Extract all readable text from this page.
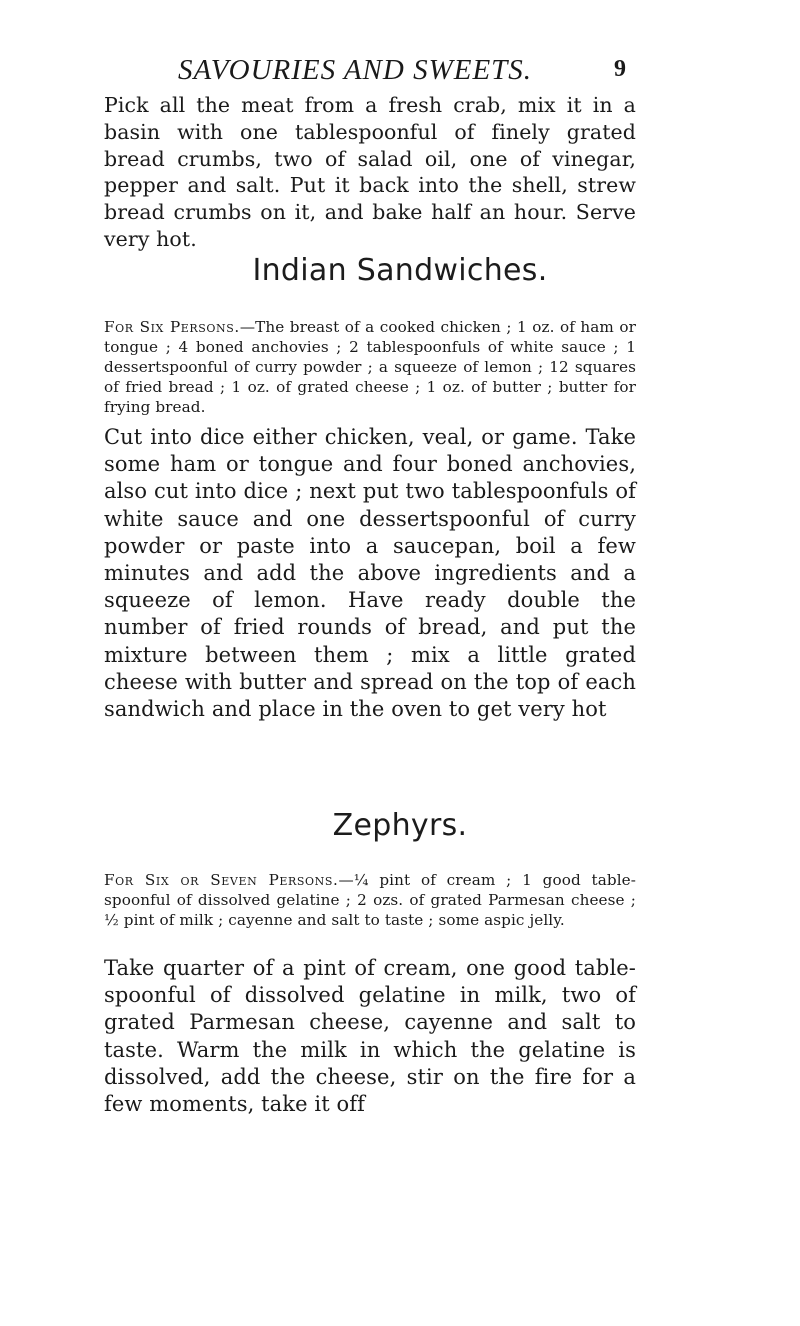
SAVOURIES AND SWEETS.	9

Pick all the meat from a fresh crab, mix it in a basin with one tablespoonful of finely grated bread crumbs, two of salad oil, one of vinegar, pepper and salt. Put it back into the shell, strew bread crumbs on it, and bake half an hour. Serve very hot.

Indian Sandwiches.

For Six Persons.—The breast of a cooked chicken ; 1 oz. of ham or tongue ; 4 boned anchovies ; 2 tablespoonfuls of white sauce ; 1 dessertspoonful of curry powder ; a squeeze of lemon ; 12 squares of fried bread ; 1 oz. of grated cheese ; 1 oz. of butter ; butter for frying bread.

Cut into dice either chicken, veal, or game. Take some ham or tongue and four boned anchovies, also cut into dice ; next put two tablespoonfuls of white sauce and one dessertspoonful of curry powder or paste into a saucepan, boil a few minutes and add the above ingredients and a squeeze of lemon. Have ready double the number of fried rounds of bread, and put the mixture between them ; mix a little grated cheese with butter and spread on the top of each sandwich and place in the oven to get very hot

Zephyrs.

For Six or Seven Persons.—¼ pint of cream ; 1 good table-spoonful of dissolved gelatine ; 2 ozs. of grated Parmesan cheese ; ½ pint of milk ; cayenne and salt to taste ; some aspic jelly.

Take quarter of a pint of cream, one good table-spoonful of dissolved gelatine in milk, two of grated Parmesan cheese, cayenne and salt to taste. Warm the milk in which the gelatine is dissolved, add the cheese, stir on the fire for a few moments, take it off
